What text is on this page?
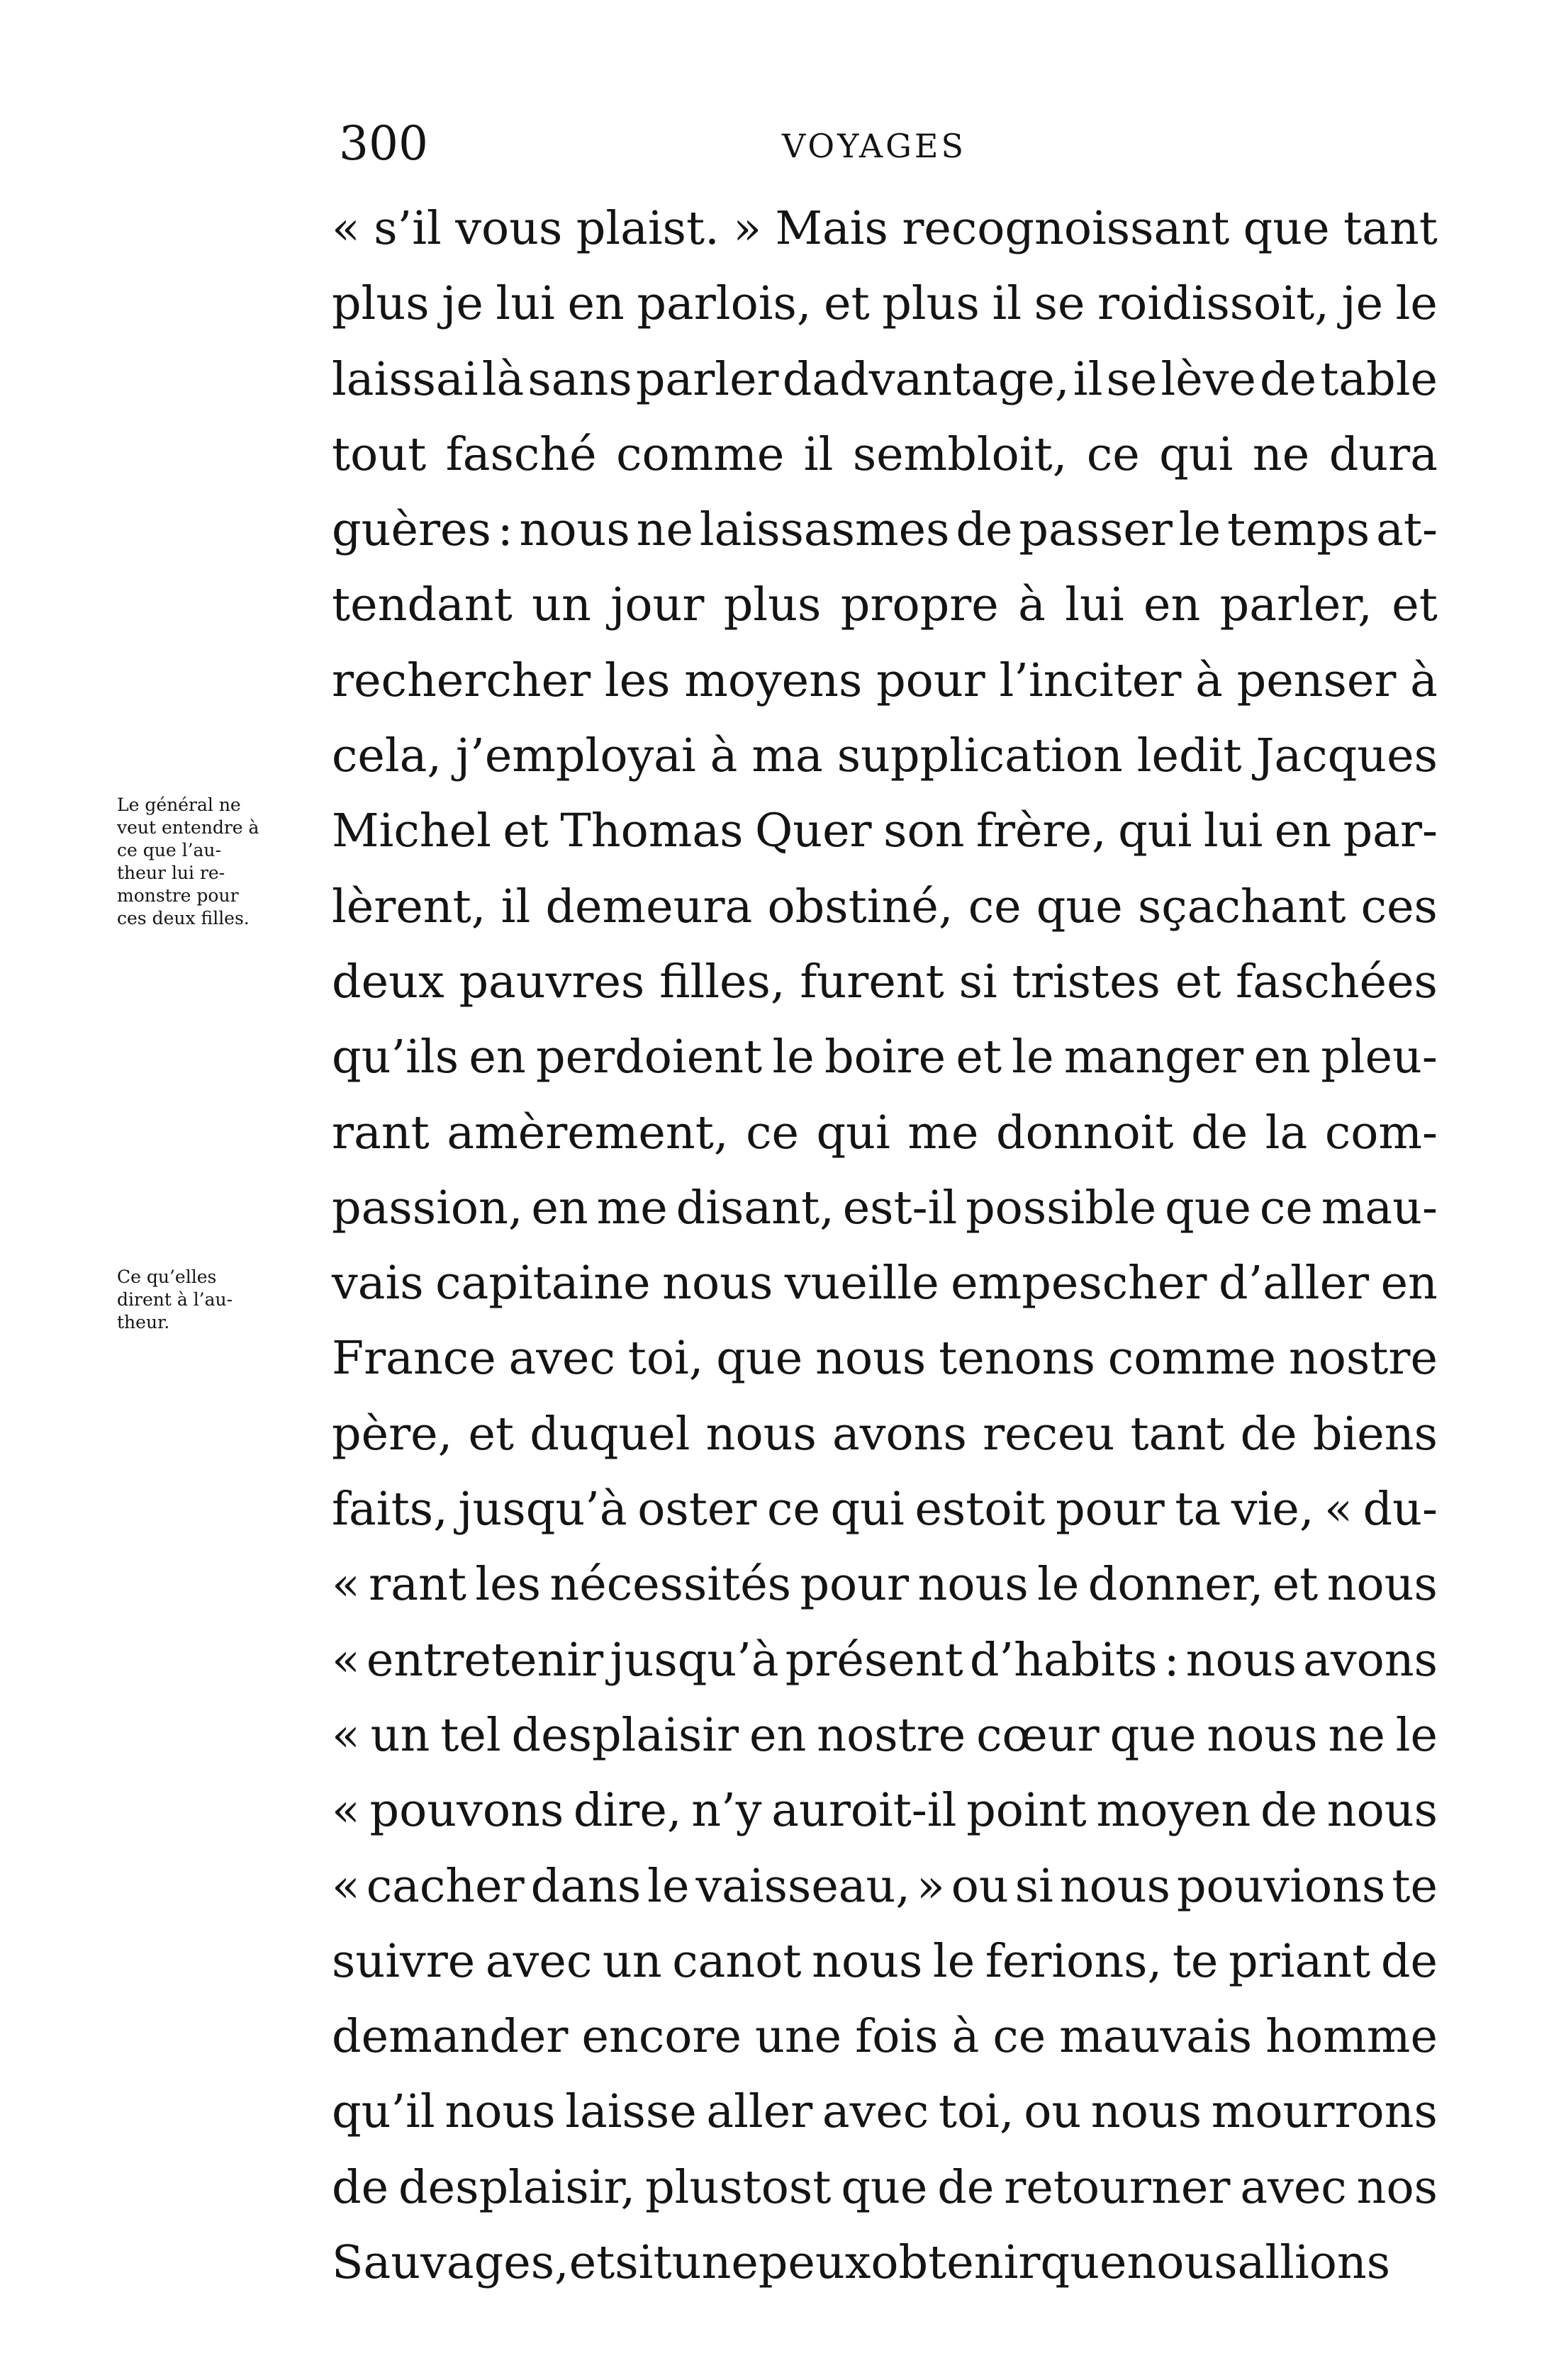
300	VOYAGES
« s’il vous plaist. » Mais recognoissant que tant
plus je lui en parlois, et plus il se roidissoit, je le
laissai là sans parler dadvantage, il se lève de table
tout fasché comme il sembloit, ce qui ne dura
guères : nous ne laissasmes de passer le temps at-
tendant un jour plus propre à lui en parler, et
rechercher les moyens pour l’inciter à penser à
cela, j’employai à ma supplication ledit Jacques
Michel et Thomas Quer son frère, qui lui en par-
lèrent, il demeura obstiné, ce que sçachant ces
deux pauvres filles, furent si tristes et faschées
qu’ils en perdoient le boire et le manger en pleu-
rant amèrement, ce qui me donnoit de la com-
passion, en me disant, est-il possible que ce mau-
vais capitaine nous vueille empescher d’aller en
France avec toi, que nous tenons comme nostre
père, et duquel nous avons receu tant de biens
faits, jusqu’à oster ce qui estoit pour ta vie, « du-
« rant les nécessités pour nous le donner, et nous
« entretenir jusqu’à présent d’habits : nous avons
« un tel desplaisir en nostre cœur que nous ne le
« pouvons dire, n’y auroit-il point moyen de nous
« cacher dans le vaisseau, » ou si nous pouvions te
suivre avec un canot nous le ferions, te priant de
demander encore une fois à ce mauvais homme
qu’il nous laisse aller avec toi, ou nous mourrons
de desplaisir, plustost que de retourner avec nos
Sauvages, et si tu ne peux obtenir que nous allions
Le général ne
veut entendre à
ce que l’au-
theur lui re-
monstre pour
ces deux filles.
Ce qu’elles
dirent à l’au-
theur.
